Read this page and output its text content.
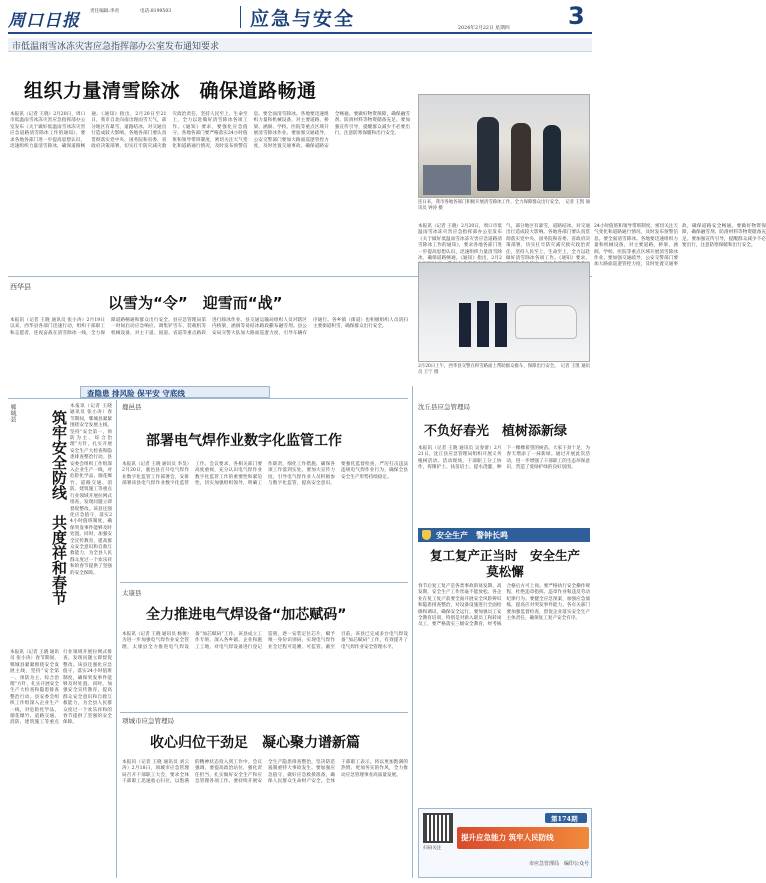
周口日报 责任编辑:李君	电话:8199503	应急与安全	2024年2月22日 星期四 3
市低温雨雪冰冻灾害应急指挥部办公室发布通知要求
组织力量清雪除冰　确保道路畅通
本报讯（记者 王晓）2月20日，周口市低温雨雪冰冻灾害应急指挥部办公室发布《关于做好低温雨雪冰冻灾害应急道路清雪除冰工作的通知》，要求各地各部门进一步提高思想认识，迅速组织力量清雪除冰，确保道路畅通。《通知》指出，2月20日至21日，我市自北向南出现雨雪天气，部分地区有暴雪，道路结冰，对交通出行造成较大影响。各地各部门要认真贯彻落实党中央、国务院和省委、省政府决策部署，切实扛牢防灾减灾救灾政治责任，坚持人民至上、生命至上，全力以赴做好清雪除冰各项工作。《通知》要求，要强化应急值守。各地各部门要严格落实24小时值班和领导带班制度，密切关注天气变化和道路通行情况，及时发布预警信息。要全面清雪除冰。各地要迅速组织力量和机械设备，对主要道路、桥梁、涵洞、学校、医院等重点区域开展清雪除冰作业。要加强交通疏导，公安交警部门要加大路面巡逻管控力度，及时处置交通事故，确保道路安全畅通。要做好物资保障，确保融雪剂、防滑材料等物资储备充足。要加强宣传引导，提醒群众减少不必要出行，注意防寒保暖和出行安全。
连日来，我市各地各部门积极开展清雪除冰工作，全力保障群众出行安全。　记者 王凯 通讯员 钟涛 摄
本报讯（记者 王晓）2月20日，周口市低温雨雪冰冻灾害应急指挥部办公室发布《关于做好低温雨雪冰冻灾害应急道路清雪除冰工作的通知》，要求各地各部门进一步提高思想认识，迅速组织力量清雪除冰，确保道路畅通。《通知》指出，2月2 气，部分地区有暴雪，道路结冰，对交通出行造成较大影响。各地各部门要认真贯彻落实党中央、国务院和省委、省政府决策部署，切实扛牢防灾减灾救灾政治责任，坚持人民至上、生命至上，全力以赴做好清雪除冰各项工作。《通知》要求， 24小时值班和领导带班制度，密切关注天气变化和道路通行情况，及时发布预警信息。要全面清雪除冰。各地要迅速组织力量和机械设备，对主要道路、桥梁、涵洞、学校、医院等重点区域开展清雪除冰作业。要加强交通疏导，公安交警部门要加大路面巡逻管控力度，及时处置交通事故，确保道路安全畅通。要做好物资保障，确保融雪剂、防滑材料等物资储备充足。要加强宣传引导，提醒群众减少不必要出行，注意防寒保暖和出行安全。
西华县
以雪为“令”　迎雪而“战”
本报讯（记者 王晓 通讯员 张小涛）2月19日以来，西华县各部门迅速行动，组织干部职工和志愿者，连夜奋战在清雪除冰一线，全力保障道路畅通和群众出行安全。县应急管理局第一时间启动应急响应，调集铲雪车、装载机等机械设备，对主干道、国道、省道等重点路段进行除冰作业。县交通运输局组织人员对辖区内桥梁、涵洞等易结冰路段撒布融雪剂。县公安局交警大队加大路面巡逻力度，引导车辆有序通行。各乡镇（街道）也积极组织人员清扫主要街道积雪，确保群众出行安全。
2月20日上午，西华县交警在积雪路面上帮助群众推车，保障出行安全。　记者 王凯 通讯员 王宁 摄
查隐患 排风险 保平安 守底线
郸城县	筑牢安全防线　共度祥和春节
本报讯（记者 王晓 通讯员 张小涛）春节期间，郸城县紧紧围绕安全发展主线，坚持“安全第一、预防为主、综合治理”方针，扎实开展安全生产大检查和隐患排查整治行动。县安委会组织工作组深入企业生产一线，对危险化学品、烟花爆竹、道路交通、消防、建筑施工等重点行业领域开展拉网式排查，发现问题立即督促整改。该县还强化应急值守，落实24小时值班制度，确保突发事件能够及时处置。同时，加强安全宣传教育，提高群众安全意识和自救互救能力，为全县人民群众度过一个欢乐祥和的春节提供了坚强的安全保障。
本报讯（记者 王晓 通讯员 张小涛）春节期间，郸城县紧紧围绕安全发展主线，坚持“安全第一、预防为主、综合治理”方针，扎实开展安全生产大检查和隐患排查整治行动。县安委会组织工作组深入企业生产一线，对危险化学品、烟花爆竹、道路交通、消防、建筑施工等重点行业领域开展拉网式排查，发现问题立即督促整改。该县还强化应急值守，落实24小时值班制度，确保突发事件能够及时处置。同时，加强安全宣传教育，提高群众安全意识和自救互救能力，为全县人民群众度过一个欢乐祥和的春节提供了坚强的安全保障。
鹿邑县
部署电气焊作业数字化监管工作
本报讯（记者 王晓 通讯员 李昊）2月20日，鹿邑县召开电气焊作业数字化监管工作部署会，安排部署该县电气焊作业数字化监管工作。会议要求，各相关部门要高度重视，充分认识电气焊作业数字化监管工作的重要性和紧迫性，切实加强组织领导，明确工作职责，细化工作措施，确保各项工作落到实处。要加大宣传力度，引导电气焊作业人员积极参与数字化监管，提高安全意识。要强化监督检查，严厉打击违法违规电气焊作业行为，确保全县安全生产形势持续稳定。
太康县
全力推进电气焊设备“加芯赋码”
本报讯（记者 王晓 通讯员 杨俊）为进一步加强电气焊作业安全管理，太康县全力推进电气焊设备“加芯赋码”工作。该县成立工作专班，深入各乡镇、企业和施工工地，对电气焊设备进行登记造册，逐一安装定位芯片，赋予唯一身份识别码，实现电气焊作业全过程可追溯、可监管。截至目前，该县已完成多台电气焊设备“加芯赋码”工作，有效提升了电气焊作业安全管理水平。
项城市应急管理局
收心归位干劲足　凝心聚力谱新篇
本报讯（记者 王晓 通讯员 刘云涛）2月18日，项城市应急管理局召开干部职工大会，要求全体干部职工迅速收心归位，以饱满的精神状态投入到工作中。会议强调，要提高政治站位，强化责任担当，扎实做好安全生产和应急管理各项工作。要持续开展安全生产隐患排查整治，坚决防范遏制重特大事故发生。要加强应急值守，做好应急救援准备，确保人民群众生命财产安全。全体干部职工表示，将以更加饱满的热情、更加务实的作风，全力推动应急管理事业高质量发展。
沈丘县应急管理局
不负好春光　植树添新绿
本报讯（记者 王晓 通讯员 吴春蕾）2月21日，沈丘县应急管理局组织开展义务植树活动。活动现场，干部职工分工协作，挥锹铲土、扶苗培土、提水浇灌，种下一棵棵希望的树苗。大家干劲十足，为春天增添了一抹新绿。通过开展此次活动，进一步增强了干部职工的生态环保意识，营造了爱绿护绿的良好氛围。
安全生产　警钟长鸣
复工复产正当时　安全生产莫松懈
春节后复工复产是各类事故的易发期、高发期，安全生产工作丝毫不能放松。各企业在复工复产前要全面开展安全风险辨识和隐患排查整治，对设备设施进行全面检修和调试，确保安全运行。要加强员工安全教育培训，特别是对新入职员工和转岗员工，要严格落实三级安全教育，经考核合格后方可上岗。要严格执行安全操作规程，杜绝违章指挥、违章作业和违反劳动纪律行为。要健全应急预案，加强应急演练，提高应对突发事件能力。各有关部门要加强监督检查，督促企业落实安全生产主体责任，确保复工复产安全有序。
扫码关注
第174期
提升应急能力 筑牢人民防线
市应急管理局　编印公众号
